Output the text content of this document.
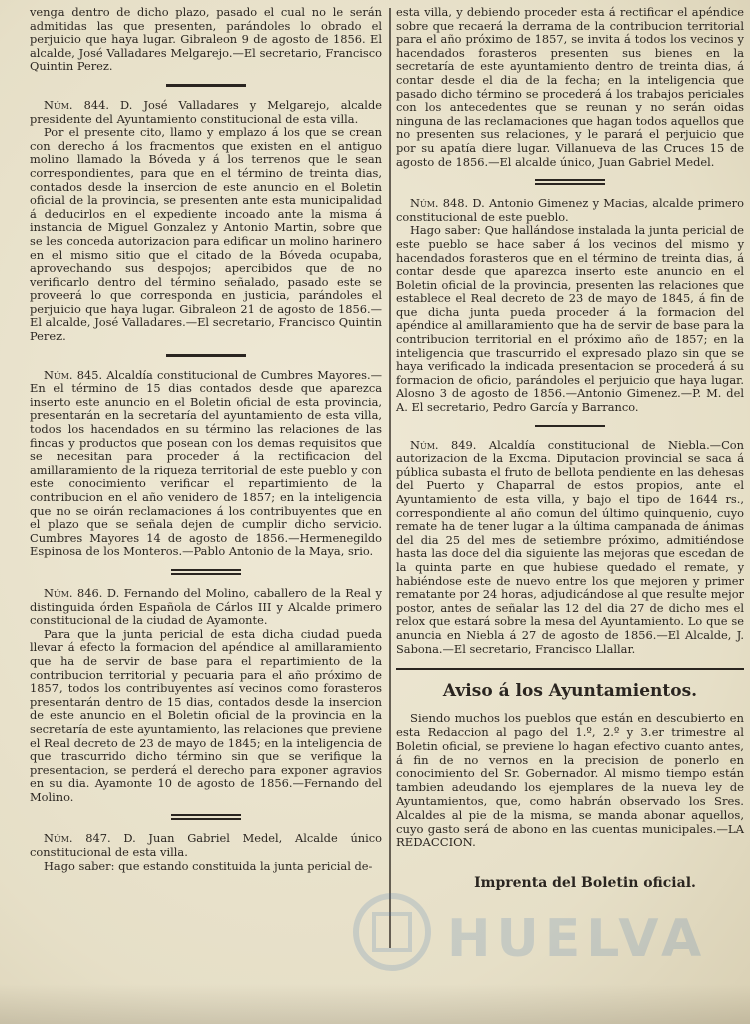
venga dentro de dicho plazo, pasado el cual no le serán admitidas las que presenten, parándoles lo obrado el perjuicio que haya lugar. Gibraleon 9 de agosto de 1856. El alcalde, José Valladares Melgarejo.—El secretario, Francisco Quintin Perez.

Núm. 844. D. José Valladares y Melgarejo, alcalde presidente del Ayuntamiento constitucional de esta villa.

Por el presente cito, llamo y emplazo á los que se crean con derecho á los fracmentos que existen en el antiguo molino llamado la Bóveda y á los terrenos que le sean correspondientes, para que en el término de treinta dias, contados desde la insercion de este anuncio en el Boletin oficial de la provincia, se presenten ante esta municipalidad á deducirlos en el expediente incoado ante la misma á instancia de Miguel Gonzalez y Antonio Martin, sobre que se les conceda autorizacion para edificar un molino harinero en el mismo sitio que el citado de la Bóveda ocupaba, aprovechando sus despojos; apercibidos que de no verificarlo dentro del término señalado, pasado este se proveerá lo que corresponda en justicia, parándoles el perjuicio que haya lugar. Gibraleon 21 de agosto de 1856.—El alcalde, José Valladares.—El secretario, Francisco Quintin Perez.

Núm. 845. Alcaldía constitucional de Cumbres Mayores.—En el término de 15 dias contados desde que aparezca inserto este anuncio en el Boletin oficial de esta provincia, presentarán en la secretaría del ayuntamiento de esta villa, todos los hacendados en su término las relaciones de las fincas y productos que posean con los demas requisitos que se necesitan para proceder á la rectificacion del amillaramiento de la riqueza territorial de este pueblo y con este conocimiento verificar el repartimiento de la contribucion en el año venidero de 1857; en la inteligencia que no se oirán reclamaciones á los contribuyentes que en el plazo que se señala dejen de cumplir dicho servicio. Cumbres Mayores 14 de agosto de 1856.—Hermenegildo Espinosa de los Monteros.—Pablo Antonio de la Maya, srio.

Núm. 846. D. Fernando del Molino, caballero de la Real y distinguida órden Española de Cárlos III y Alcalde primero constitucional de la ciudad de Ayamonte.

Para que la junta pericial de esta dicha ciudad pueda llevar á efecto la formacion del apéndice al amillaramiento que ha de servir de base para el repartimiento de la contribucion territorial y pecuaria para el año próximo de 1857, todos los contribuyentes así vecinos como forasteros presentarán dentro de 15 dias, contados desde la insercion de este anuncio en el Boletin oficial de la provincia en la secretaría de este ayuntamiento, las relaciones que previene el Real decreto de 23 de mayo de 1845; en la inteligencia de que trascurrido dicho término sin que se verifique la presentacion, se perderá el derecho para exponer agravios en su dia. Ayamonte 10 de agosto de 1856.—Fernando del Molino.

Núm. 847. D. Juan Gabriel Medel, Alcalde único constitucional de esta villa.

Hago saber: que estando constituida la junta pericial de-

esta villa, y debiendo proceder esta á rectificar el apéndice sobre que recaerá la derrama de la contribucion territorial para el año próximo de 1857, se invita á todos los vecinos y hacendados forasteros presenten sus bienes en la secretaría de este ayuntamiento dentro de treinta dias, á contar desde el dia de la fecha; en la inteligencia que pasado dicho término se procederá á los trabajos periciales con los antecedentes que se reunan y no serán oidas ninguna de las reclamaciones que hagan todos aquellos que no presenten sus relaciones, y le parará el perjuicio que por su apatía diere lugar. Villanueva de las Cruces 15 de agosto de 1856.—El alcalde único, Juan Gabriel Medel.

Núm. 848. D. Antonio Gimenez y Macias, alcalde primero constitucional de este pueblo.

Hago saber: Que hallándose instalada la junta pericial de este pueblo se hace saber á los vecinos del mismo y hacendados forasteros que en el término de treinta dias, á contar desde que aparezca inserto este anuncio en el Boletin oficial de la provincia, presenten las relaciones que establece el Real decreto de 23 de mayo de 1845, á fin de que dicha junta pueda proceder á la formacion del apéndice al amillaramiento que ha de servir de base para la contribucion territorial en el próximo año de 1857; en la inteligencia que trascurrido el expresado plazo sin que se haya verificado la indicada presentacion se procederá á su formacion de oficio, parándoles el perjuicio que haya lugar. Alosno 3 de agosto de 1856.—Antonio Gimenez.—P. M. del A. El secretario, Pedro García y Barranco.

Núm. 849. Alcaldía constitucional de Niebla.—Con autorizacion de la Excma. Diputacion provincial se saca á pública subasta el fruto de bellota pendiente en las dehesas del Puerto y Chaparral de estos propios, ante el Ayuntamiento de esta villa, y bajo el tipo de 1644 rs., correspondiente al año comun del último quinquenio, cuyo remate ha de tener lugar a la última campanada de ánimas del dia 25 del mes de setiembre próximo, admitiéndose hasta las doce del dia siguiente las mejoras que escedan de la quinta parte en que hubiese quedado el remate, y habiéndose este de nuevo entre los que mejoren y primer rematante por 24 horas, adjudicándose al que resulte mejor postor, antes de señalar las 12 del dia 27 de dicho mes el relox que estará sobre la mesa del Ayuntamiento. Lo que se anuncia en Niebla á 27 de agosto de 1856.—El Alcalde, J. Sabona.—El secretario, Francisco Llallar.

Aviso á los Ayuntamientos.

Siendo muchos los pueblos que están en descubierto en esta Redaccion al pago del 1.º, 2.º y 3.er trimestre al Boletin oficial, se previene lo hagan efectivo cuanto antes, á fin de no vernos en la precision de ponerlo en conocimiento del Sr. Gobernador. Al mismo tiempo están tambien adeudando los ejemplares de la nueva ley de Ayuntamientos, que, como habrán observado los Sres. Alcaldes al pie de la misma, se manda abonar aquellos, cuyo gasto será de abono en las cuentas municipales.—LA REDACCION.

Imprenta del Boletin oficial.
HUELVA
